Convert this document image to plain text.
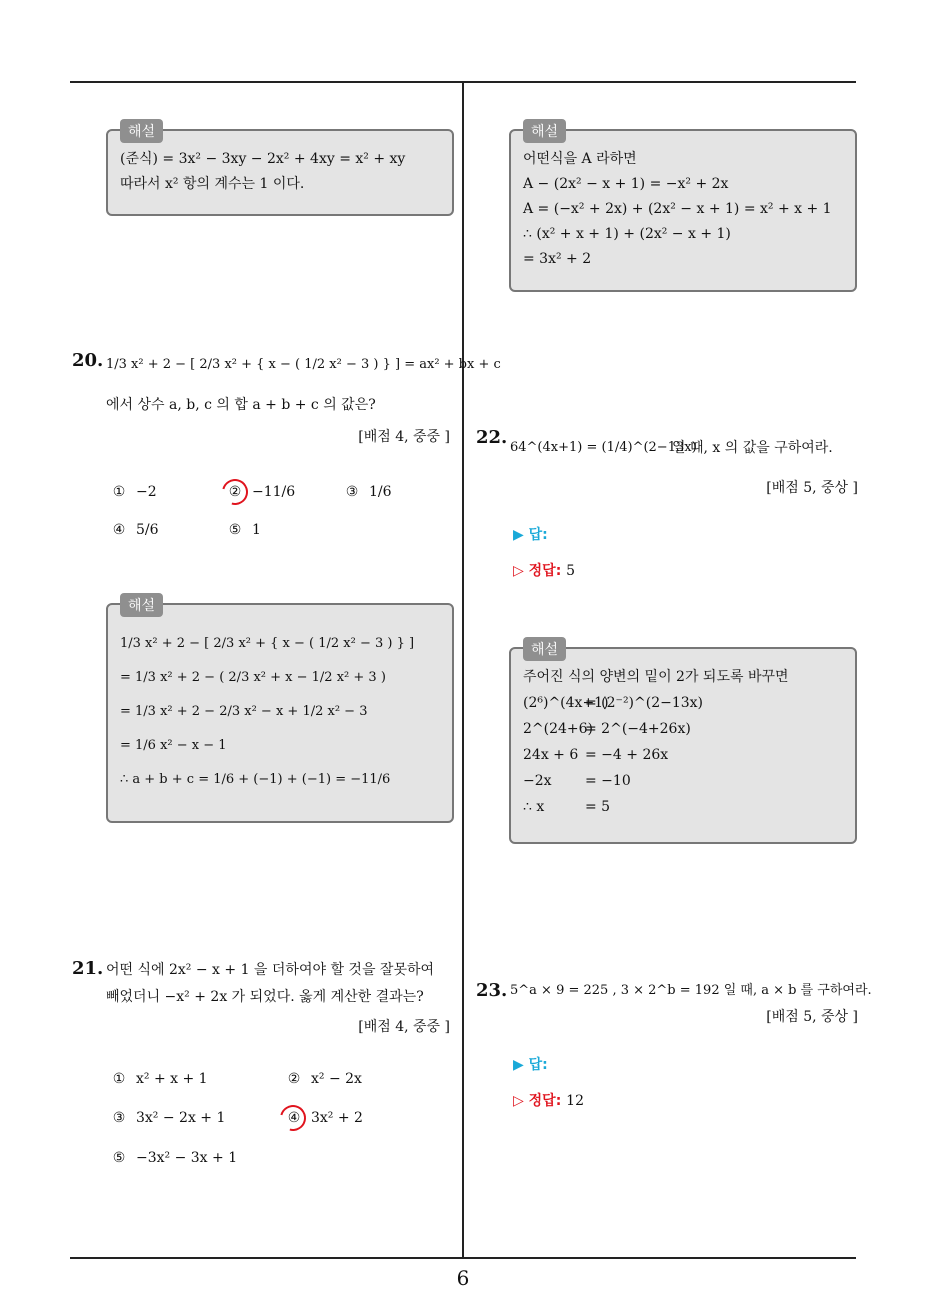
해설
(준식) = 3x² − 3xy − 2x² + 4xy = x² + xy
따라서 x² 항의 계수는 1 이다.
20. 1/3 x² + 2 − [ 2/3 x² + { x − ( 1/2 x² − 3 ) } ] = ax² + bx + c
에서 상수 a, b, c 의 합 a + b + c 의 값은?
[배점 4, 중중 ]
① −2	② −11/6	③ 1/6
④ 5/6	⑤ 1
해설
1/3 x² + 2 − [ 2/3 x² + { x − ( 1/2 x² − 3 ) } ]
= 1/3 x² + 2 − ( 2/3 x² + x − 1/2 x² + 3 )
= 1/3 x² + 2 − 2/3 x² − x + 1/2 x² − 3
= 1/6 x² − x − 1
∴ a + b + c = 1/6 + (−1) + (−1) = −11/6
21. 어떤 식에 2x² − x + 1 을 더하여야 할 것을 잘못하여
빼었더니 −x² + 2x 가 되었다. 옳게 계산한 결과는?
[배점 4, 중중 ]
① x² + x + 1	② x² − 2x
③ 3x² − 2x + 1	④ 3x² + 2
⑤ −3x² − 3x + 1
해설
어떤식을 A 라하면
A − (2x² − x + 1) = −x² + 2x
A = (−x² + 2x) + (2x² − x + 1) = x² + x + 1
∴ (x² + x + 1) + (2x² − x + 1)
= 3x² + 2
22. 64^(4x+1) = (1/4)^(2−13x)
일 때, x 의 값을 구하여라.
[배점 5, 중상 ]
▶ 답:
▷ 정답: 5
해설
주어진 식의 양변의 밑이 2가 되도록 바꾸면
(2⁶)^(4x+1)
= (2⁻²)^(2−13x)
2^(24+6)
= 2^(−4+26x)
24x + 6 = −4 + 26x
−2x	= −10
∴ x	= 5
23. 5^a × 9 = 225 , 3 × 2^b = 192 일 때, a × b 를 구하여라.
[배점 5, 중상 ]
▶ 답:
▷ 정답: 12
6
